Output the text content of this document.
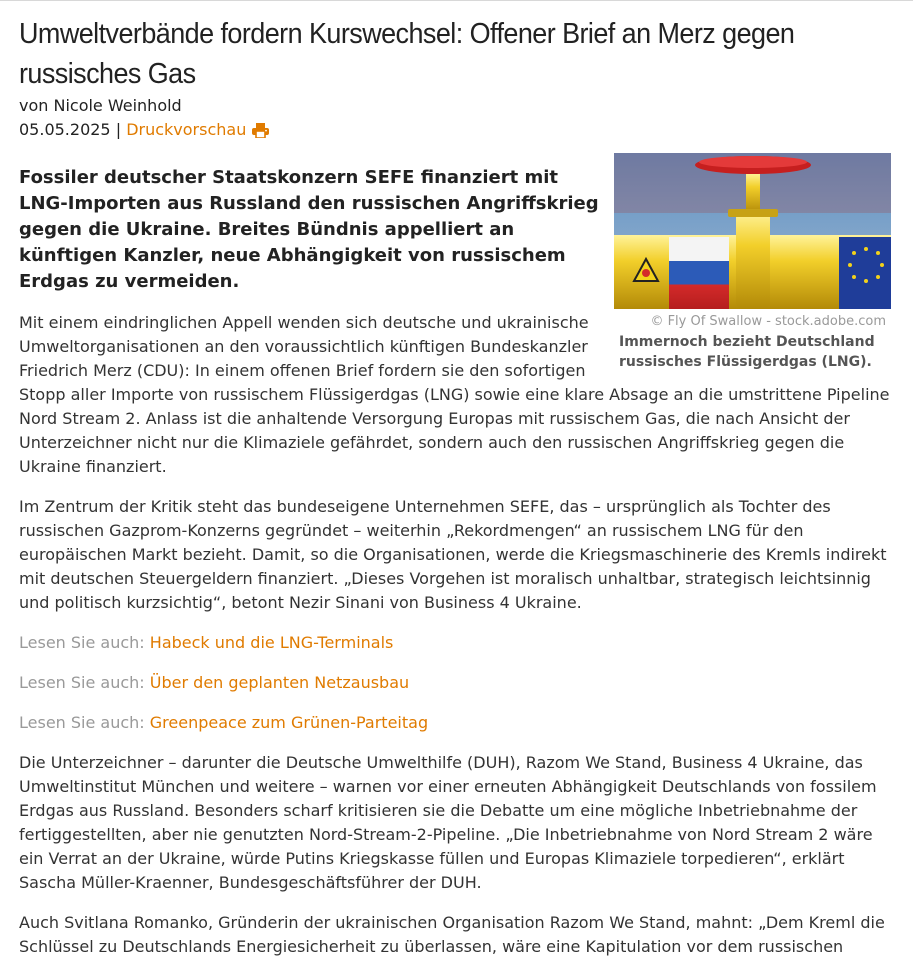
Umweltverbände fordern Kurswechsel: Offener Brief an Merz gegen russisches Gas
von Nicole Weinhold
05.05.2025 | Druckvorschau
© Fly Of Swallow - stock.adobe.com
Immernoch bezieht Deutschland russisches Flüssigerdgas (LNG).
Fossiler deutscher Staatskonzern SEFE finanziert mit LNG-Importen aus Russland den russischen Angriffskrieg gegen die Ukraine. Breites Bündnis appelliert an künftigen Kanzler, neue Abhängigkeit von russischem Erdgas zu vermeiden.

Mit einem eindringlichen Appell wenden sich deutsche und ukrainische Umweltorganisationen an den voraussichtlich künftigen Bundeskanzler Friedrich Merz (CDU): In einem offenen Brief fordern sie den sofortigen Stopp aller Importe von russischem Flüssigerdgas (LNG) sowie eine klare Absage an die umstrittene Pipeline Nord Stream 2. Anlass ist die anhaltende Versorgung Europas mit russischem Gas, die nach Ansicht der Unterzeichner nicht nur die Klimaziele gefährdet, sondern auch den russischen Angriffskrieg gegen die Ukraine finanziert.

Im Zentrum der Kritik steht das bundeseigene Unternehmen SEFE, das – ursprünglich als Tochter des russischen Gazprom-Konzerns gegründet – weiterhin „Rekordmengen“ an russischem LNG für den europäischen Markt bezieht. Damit, so die Organisationen, werde die Kriegsmaschinerie des Kremls indirekt mit deutschen Steuergeldern finanziert. „Dieses Vorgehen ist moralisch unhaltbar, strategisch leichtsinnig und politisch kurzsichtig“, betont Nezir Sinani von Business 4 Ukraine.

Lesen Sie auch: Habeck und die LNG-Terminals

Lesen Sie auch: Über den geplanten Netzausbau

Lesen Sie auch: Greenpeace zum Grünen-Parteitag

Die Unterzeichner – darunter die Deutsche Umwelthilfe (DUH), Razom We Stand, Business 4 Ukraine, das Umweltinstitut München und weitere – warnen vor einer erneuten Abhängigkeit Deutschlands von fossilem Erdgas aus Russland. Besonders scharf kritisieren sie die Debatte um eine mögliche Inbetriebnahme der fertiggestellten, aber nie genutzten Nord-Stream-2-Pipeline. „Die Inbetriebnahme von Nord Stream 2 wäre ein Verrat an der Ukraine, würde Putins Kriegskasse füllen und Europas Klimaziele torpedieren“, erklärt Sascha Müller-Kraenner, Bundesgeschäftsführer der DUH.

Auch Svitlana Romanko, Gründerin der ukrainischen Organisation Razom We Stand, mahnt: „Dem Kreml die Schlüssel zu Deutschlands Energiesicherheit zu überlassen, wäre eine Kapitulation vor dem russischen
